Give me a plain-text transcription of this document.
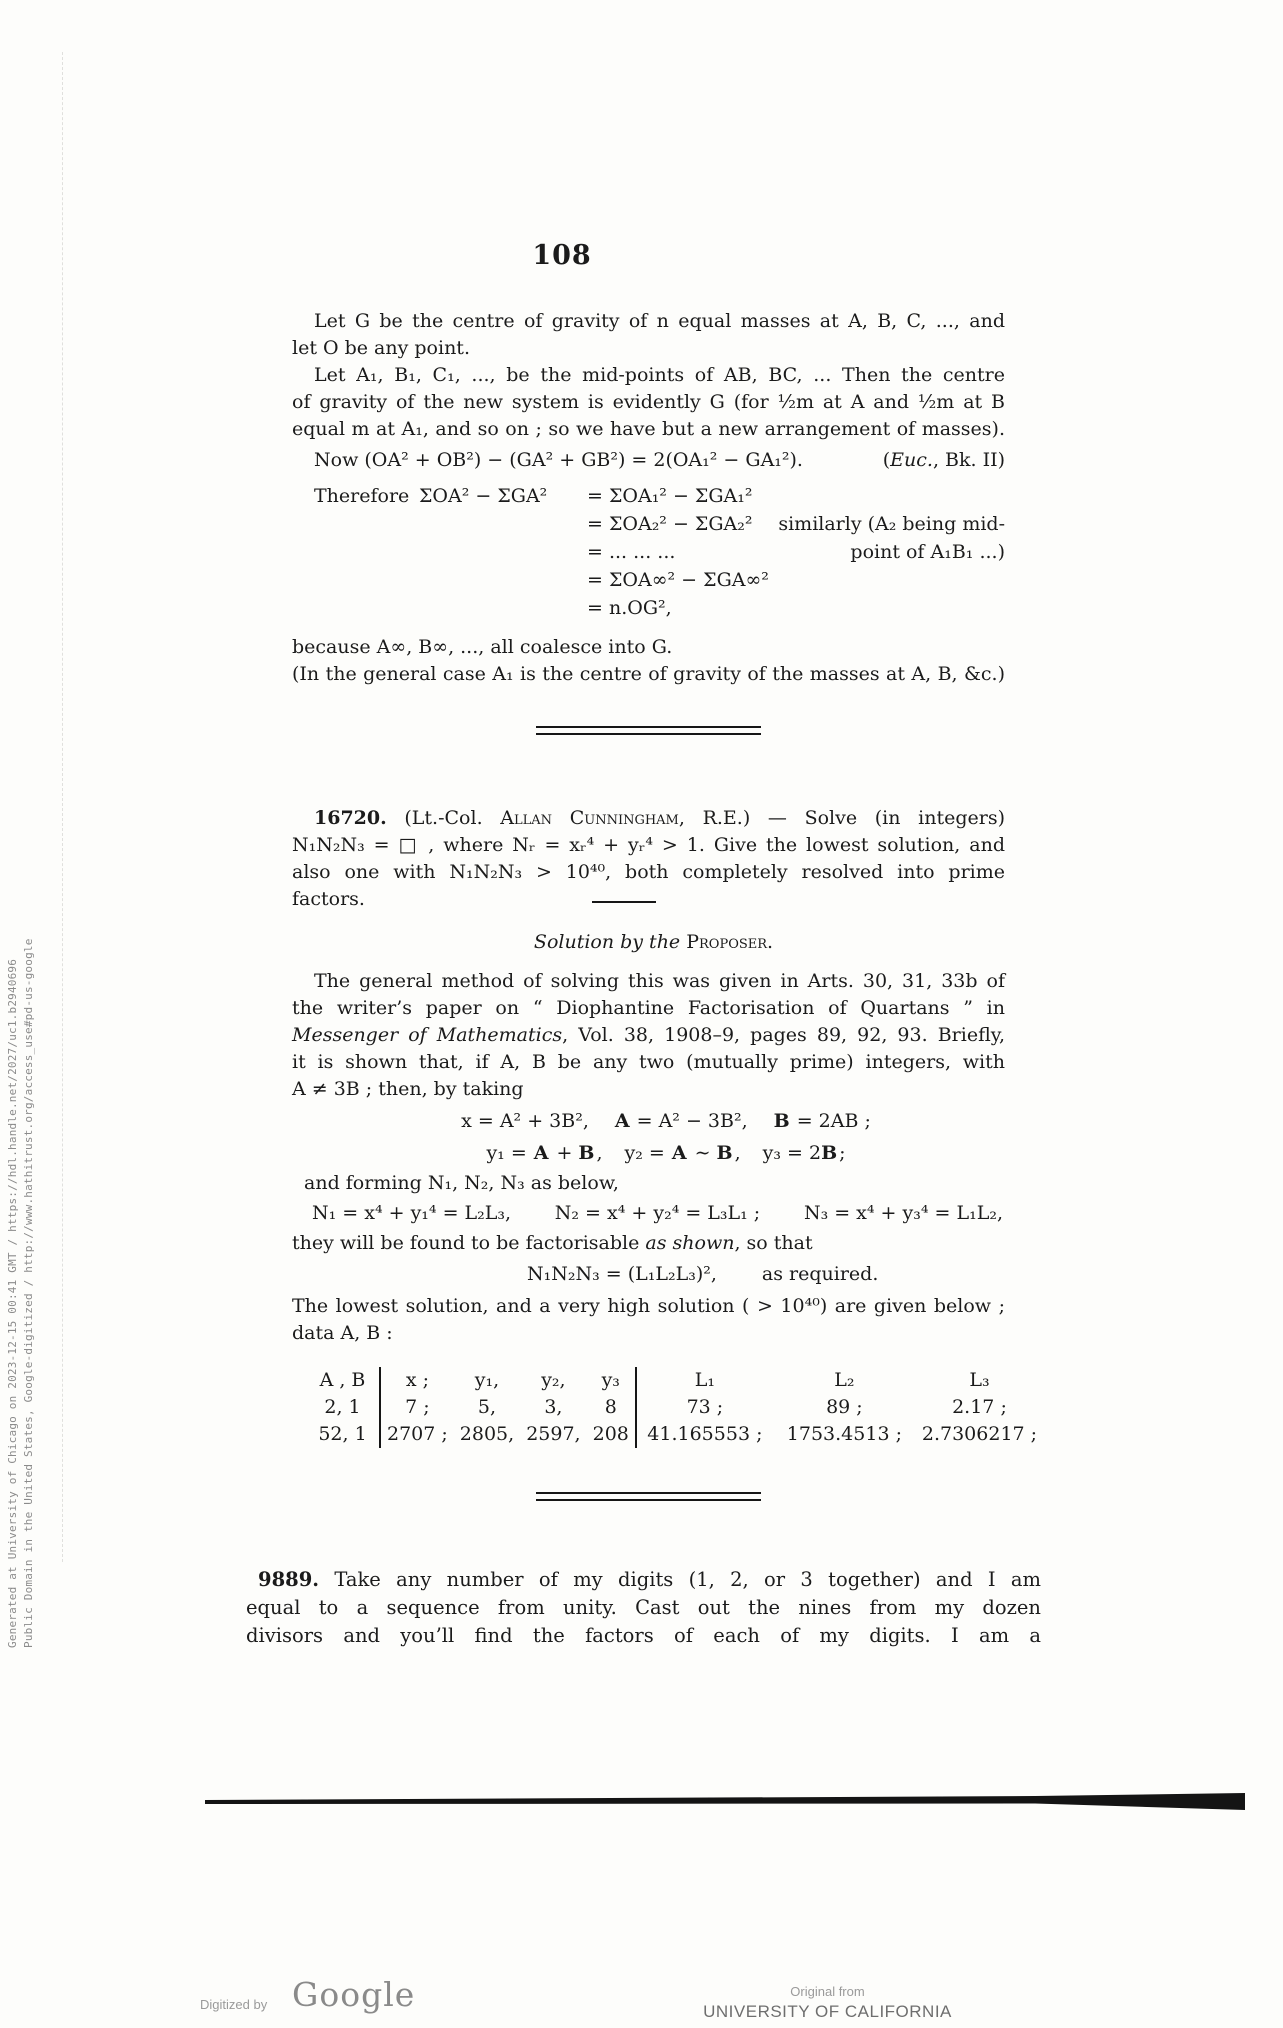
Generated at University of Chicago on 2023-12-15 00:41 GMT / https://hdl.handle.net/2027/uc1.b2940696 Public Domain in the United States, Google-digitized / http://www.hathitrust.org/access_use#pd-us-google
108
Let G be the centre of gravity of n equal masses at A, B, C, ..., and
let O be any point.
Let A₁, B₁, C₁, ..., be the mid-points of AB, BC, ... Then the centre
of gravity of the new system is evidently G (for ½m at A and ½m at B
equal m at A₁, and so on ; so we have but a new arrangement of masses).
Now (OA² + OB²) − (GA² + GB²) = 2(OA₁² − GA₁²).	(Euc., Bk. II)
Therefore ΣOA² − ΣGA² = ΣOA₁² − ΣGA₁²
= ΣOA₂² − ΣGA₂² similarly (A₂ being mid-
= ... ... ...	point of A₁B₁ ...)
= ΣOA∞² − ΣGA∞²
= n.OG²,
because A∞, B∞, ..., all coalesce into G.
(In the general case A₁ is the centre of gravity of the masses at A, B, &c.)
16720. (Lt.-Col. Allan Cunningham, R.E.) — Solve (in integers)
N₁N₂N₃ = □ , where Nᵣ = xᵣ⁴ + yᵣ⁴ > 1. Give the lowest solution, and
also one with N₁N₂N₃ > 10⁴⁰, both completely resolved into prime
factors.
Solution by the Proposer.
The general method of solving this was given in Arts. 30, 31, 33b of
the writer’s paper on “ Diophantine Factorisation of Quartans ” in
Messenger of Mathematics, Vol. 38, 1908–9, pages 89, 92, 93. Briefly,
it is shown that, if A, B be any two (mutually prime) integers, with
A ≠ 3B ; then, by taking
x = A² + 3B², A = A² − 3B², B = 2AB ;
y₁ = A + B , y₂ = A ∼ B , y₃ = 2B ;
and forming N₁, N₂, N₃ as below,
N₁ = x⁴ + y₁⁴ = L₂L₃, N₂ = x⁴ + y₂⁴ = L₃L₁ ; N₃ = x⁴ + y₃⁴ = L₁L₂,
they will be found to be factorisable as shown, so that
N₁N₂N₃ = (L₁L₂L₃)², as required.
The lowest solution, and a very high solution ( > 10⁴⁰) are given below ;
data A, B :
A , B	x ;	y₁,	y₂,	y₃	L₁	L₂	L₃
2, 1	7 ;	5,	3,	8	73 ;	89 ;	2.17 ;
52, 1	2707 ;	2805,	2597,	208	41.165553 ;	1753.4513 ;	2.7306217 ;
9889. Take any number of my digits (1, 2, or 3 together) and I am
equal to a sequence from unity. Cast out the nines from my dozen
divisors and you’ll find the factors of each of my digits. I am a
Digitized by Google	Original from
UNIVERSITY OF CALIFORNIA
